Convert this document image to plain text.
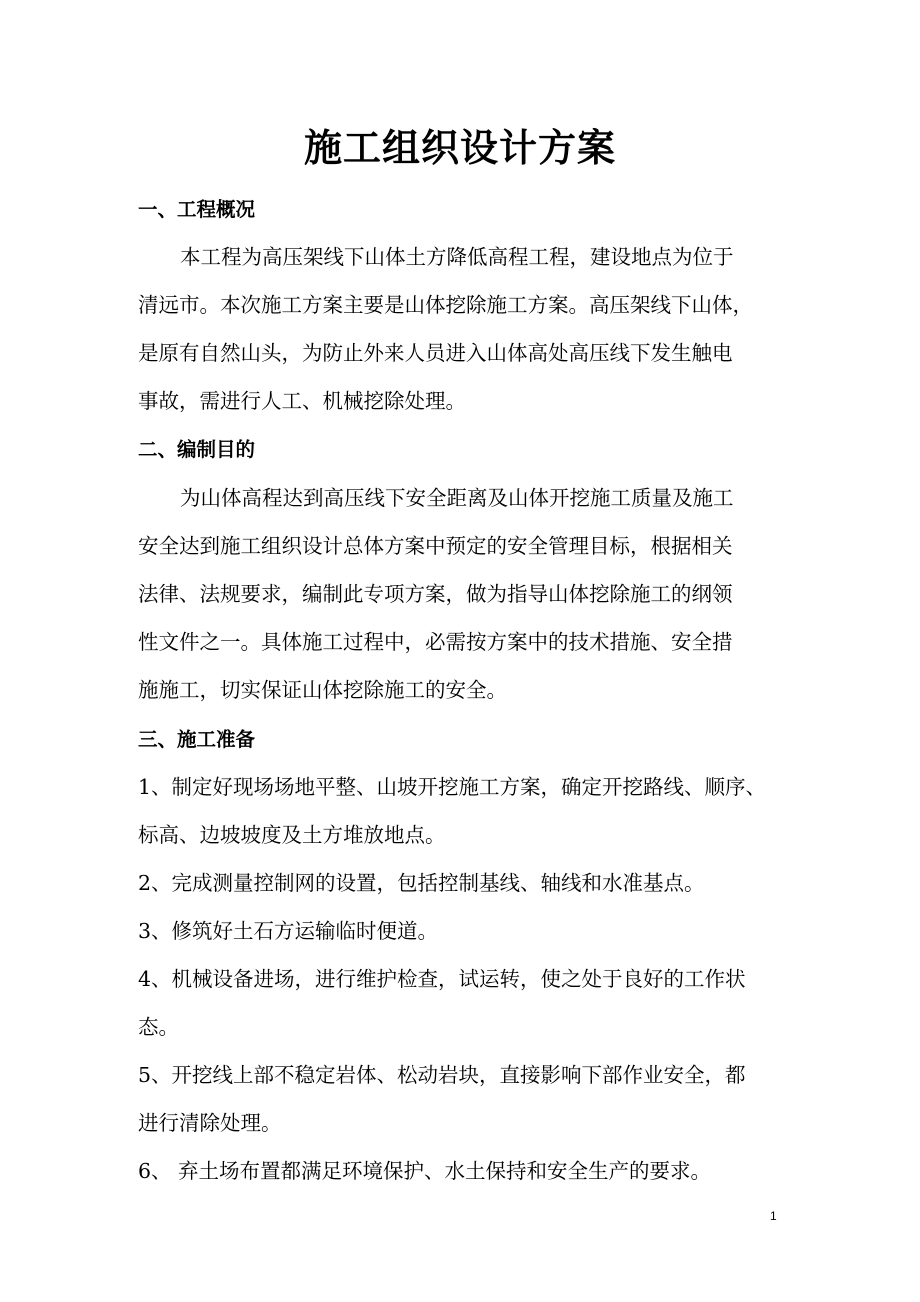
施工组织设计方案
一、工程概况
本工程为高压架线下山体土方降低高程工程，建设地点为位于
清远市。本次施工方案主要是山体挖除施工方案。高压架线下山体，
是原有自然山头，为防止外来人员进入山体高处高压线下发生触电
事故，需进行人工、机械挖除处理。
二、编制目的
为山体高程达到高压线下安全距离及山体开挖施工质量及施工
安全达到施工组织设计总体方案中预定的安全管理目标，根据相关
法律、法规要求，编制此专项方案，做为指导山体挖除施工的纲领
性文件之一。具体施工过程中，必需按方案中的技术措施、安全措
施施工，切实保证山体挖除施工的安全。
三、施工准备
1、制定好现场场地平整、山坡开挖施工方案，确定开挖路线、顺序、
标高、边坡坡度及土方堆放地点。
2、完成测量控制网的设置，包括控制基线、轴线和水准基点。
3、修筑好土石方运输临时便道。
4、机械设备进场，进行维护检查，试运转，使之处于良好的工作状
态。
5、开挖线上部不稳定岩体、松动岩块，直接影响下部作业安全，都
进行清除处理。
6、 弃土场布置都满足环境保护、水土保持和安全生产的要求。
1
